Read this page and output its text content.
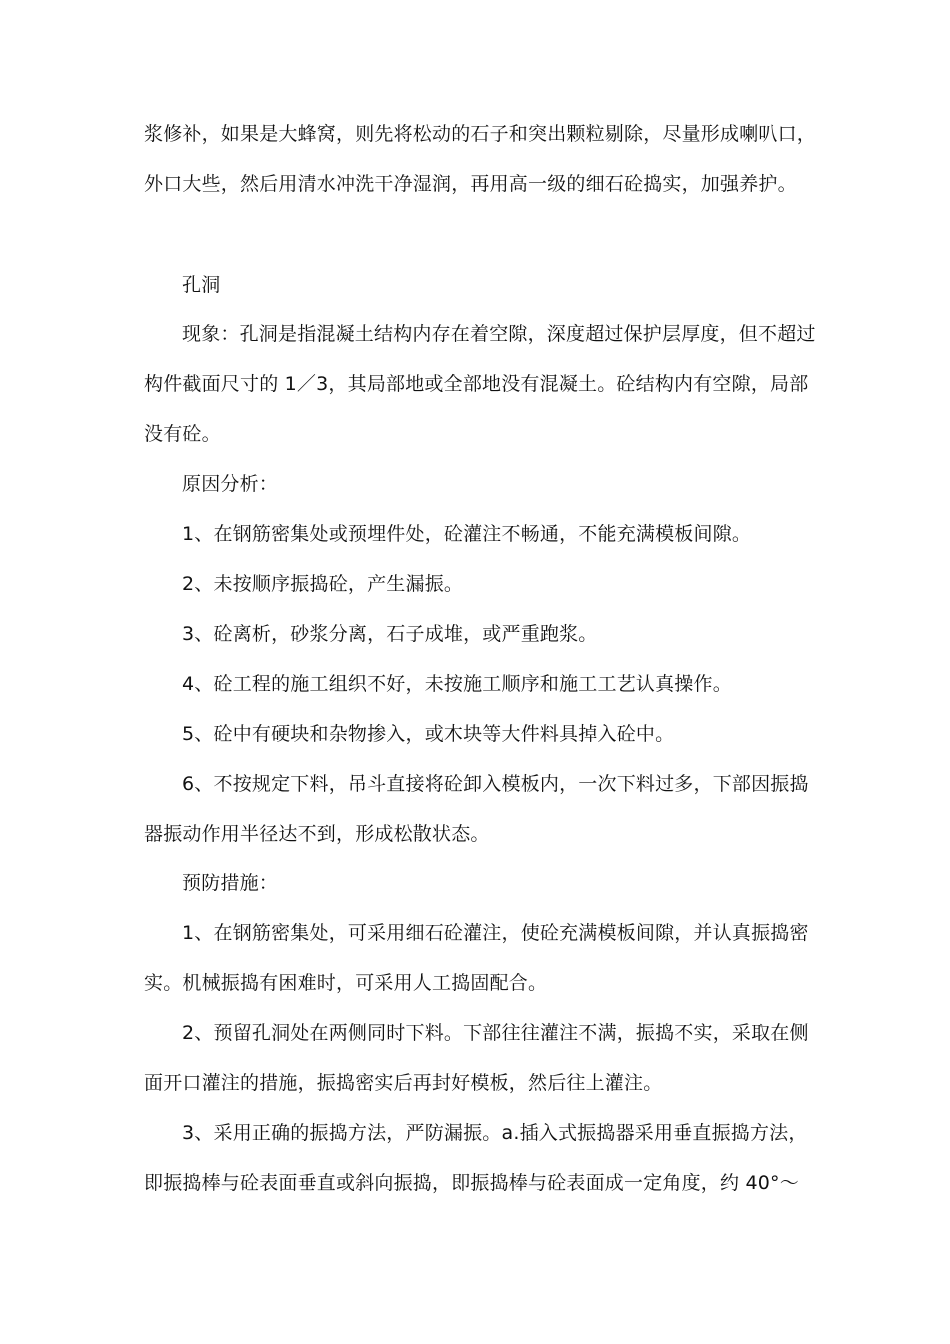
浆修补，如果是大蜂窝，则先将松动的石子和突出颗粒剔除，尽量形成喇叭口，
外口大些，然后用清水冲洗干净湿润，再用高一级的细石砼捣实，加强养护。
孔洞
现象：孔洞是指混凝土结构内存在着空隙，深度超过保护层厚度，但不超过
构件截面尺寸的 1／3，其局部地或全部地没有混凝土。砼结构内有空隙，局部
没有砼。
原因分析：
1、在钢筋密集处或预埋件处，砼灌注不畅通，不能充满模板间隙。
2、未按顺序振捣砼，产生漏振。
3、砼离析，砂浆分离，石子成堆，或严重跑浆。
4、砼工程的施工组织不好，未按施工顺序和施工工艺认真操作。
5、砼中有硬块和杂物掺入，或木块等大件料具掉入砼中。
6、不按规定下料，吊斗直接将砼卸入模板内，一次下料过多，下部因振捣
器振动作用半径达不到，形成松散状态。
预防措施：
1、在钢筋密集处，可采用细石砼灌注，使砼充满模板间隙，并认真振捣密
实。机械振捣有困难时，可采用人工捣固配合。
2、预留孔洞处在两侧同时下料。下部往往灌注不满，振捣不实，采取在侧
面开口灌注的措施，振捣密实后再封好模板，然后往上灌注。
3、采用正确的振捣方法，严防漏振。a.插入式振捣器采用垂直振捣方法，
即振捣棒与砼表面垂直或斜向振捣，即振捣棒与砼表面成一定角度，约 40°～
